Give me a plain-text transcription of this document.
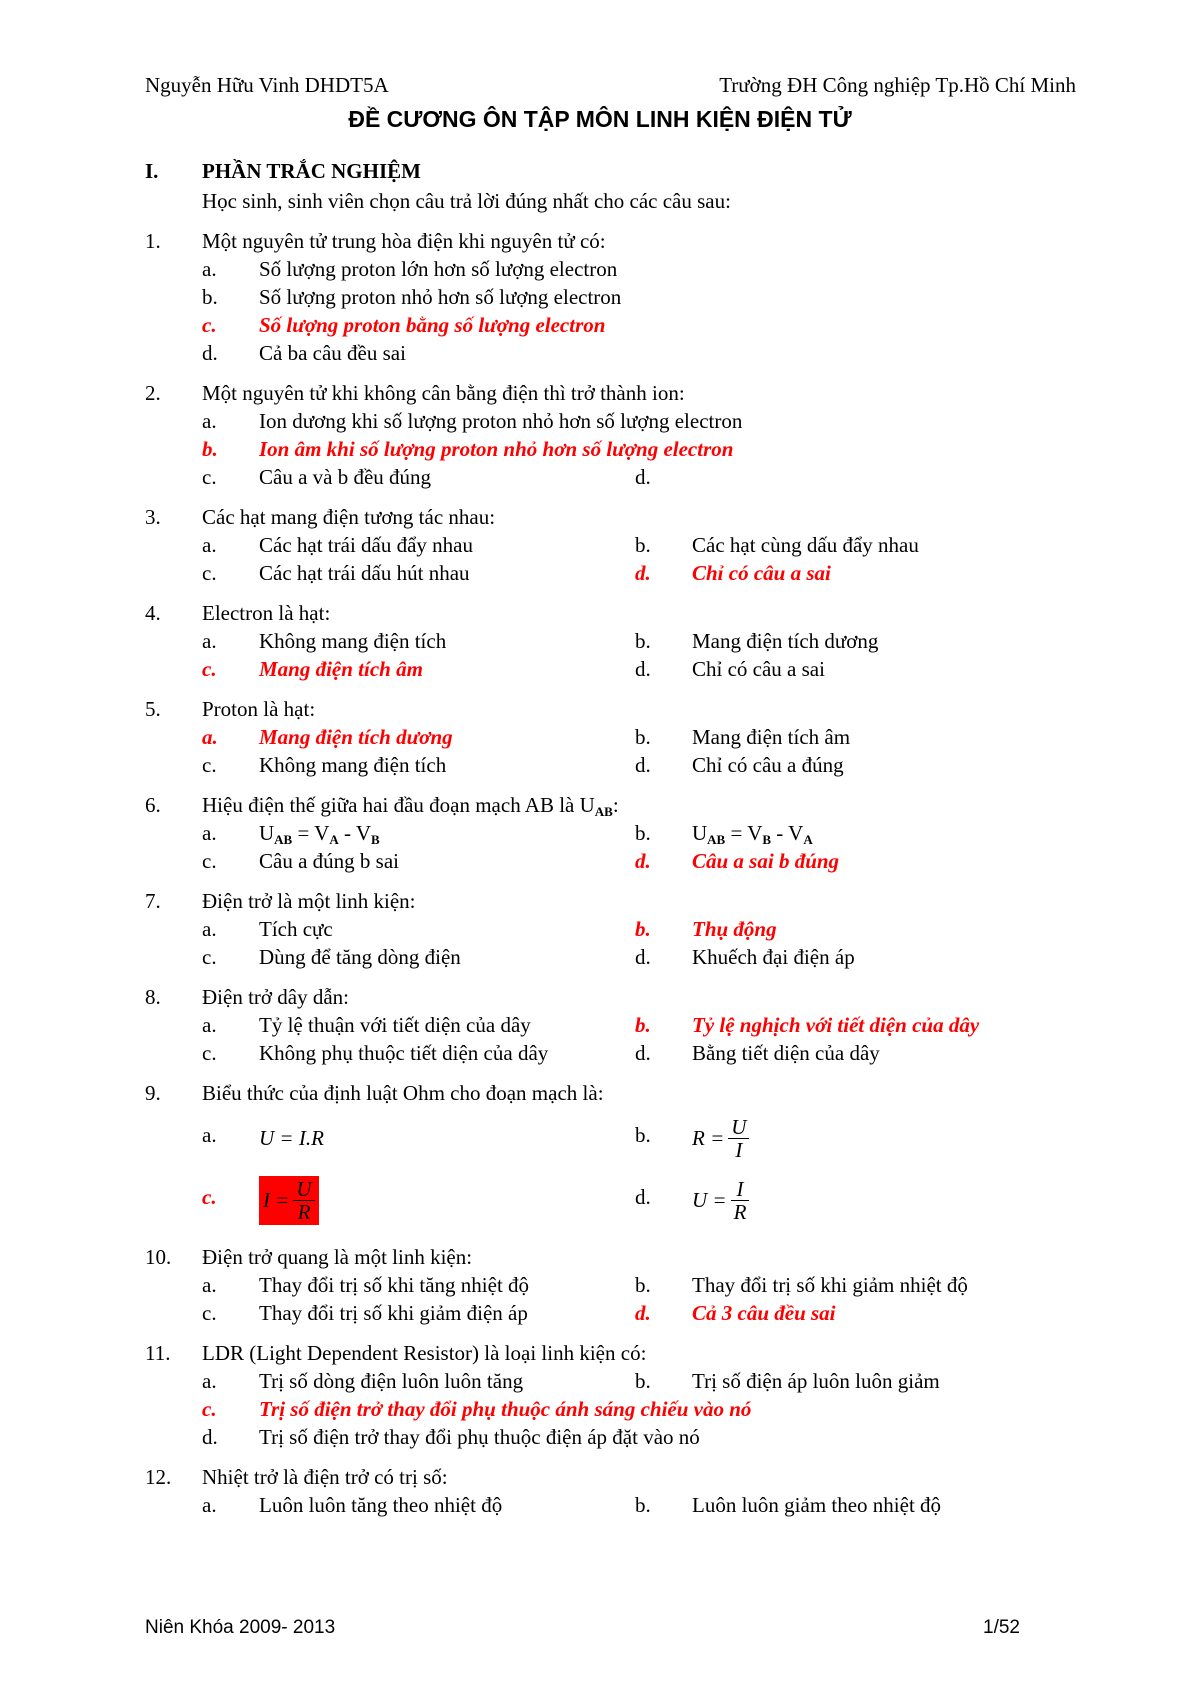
Nguyễn Hữu Vinh DHDT5A	Trường ĐH Công nghiệp Tp.Hồ Chí Minh
ĐỀ CƯƠNG ÔN TẬP MÔN LINH KIỆN ĐIỆN TỬ
I. PHẦN TRẮC NGHIỆM
Học sinh, sinh viên chọn câu trả lời đúng nhất cho các câu sau:
1. Một nguyên tử trung hòa điện khi nguyên tử có:
a. Số lượng proton lớn hơn số lượng electron
b. Số lượng proton nhỏ hơn số lượng electron
c. Số lượng proton bằng số lượng electron
d. Cả ba câu đều sai
2. Một nguyên tử khi không cân bằng điện thì trở thành ion:
a. Ion dương khi số lượng proton nhỏ hơn số lượng electron
b. Ion âm khi số lượng proton nhỏ hơn số lượng electron
c. Câu a và b đều đúng	d.
3. Các hạt mang điện tương tác nhau:
a. Các hạt trái dấu đẩy nhau	b. Các hạt cùng dấu đẩy nhau
c. Các hạt trái dấu hút nhau	d. Chỉ có câu a sai
4. Electron là hạt:
a. Không mang điện tích	b. Mang điện tích dương
c. Mang điện tích âm	d. Chỉ có câu a sai
5. Proton là hạt:
a. Mang điện tích dương	b. Mang điện tích âm
c. Không mang điện tích	d. Chỉ có câu a đúng
6. Hiệu điện thế giữa hai đầu đoạn mạch AB là $U_{AB}$:
a. $U_{AB} = V_A - V_B$	b. $U_{AB} = V_B - V_A$
c. Câu a đúng b sai	d. Câu a sai b đúng
7. Điện trở là một linh kiện:
a. Tích cực	b. Thụ động
c. Dùng để tăng dòng điện	d. Khuếch đại điện áp
8. Điện trở dây dẫn:
a. Tỷ lệ thuận với tiết diện của dây	b. Tỷ lệ nghịch với tiết diện của dây
c. Không phụ thuộc tiết diện của dây	d. Bằng tiết diện của dây
9. Biểu thức của định luật Ohm cho đoạn mạch là:
a. U = I.R	b. $R = \frac{U}{I}$
c. $I = \frac{U}{R}$	d. $U = \frac{I}{R}$
10. Điện trở quang là một linh kiện:
a. Thay đổi trị số khi tăng nhiệt độ	b. Thay đổi trị số khi giảm nhiệt độ
c. Thay đổi trị số khi giảm điện áp	d. Cả 3 câu đều sai
11. LDR (Light Dependent Resistor) là loại linh kiện có:
a. Trị số dòng điện luôn luôn tăng	b. Trị số điện áp luôn luôn giảm
c. Trị số điện trở thay đổi phụ thuộc ánh sáng chiếu vào nó
d. Trị số điện trở thay đổi phụ thuộc điện áp đặt vào nó
12. Nhiệt trở là điện trở có trị số:
a. Luôn luôn tăng theo nhiệt độ	b. Luôn luôn giảm theo nhiệt độ
Niên Khóa 2009- 2013	1/52
